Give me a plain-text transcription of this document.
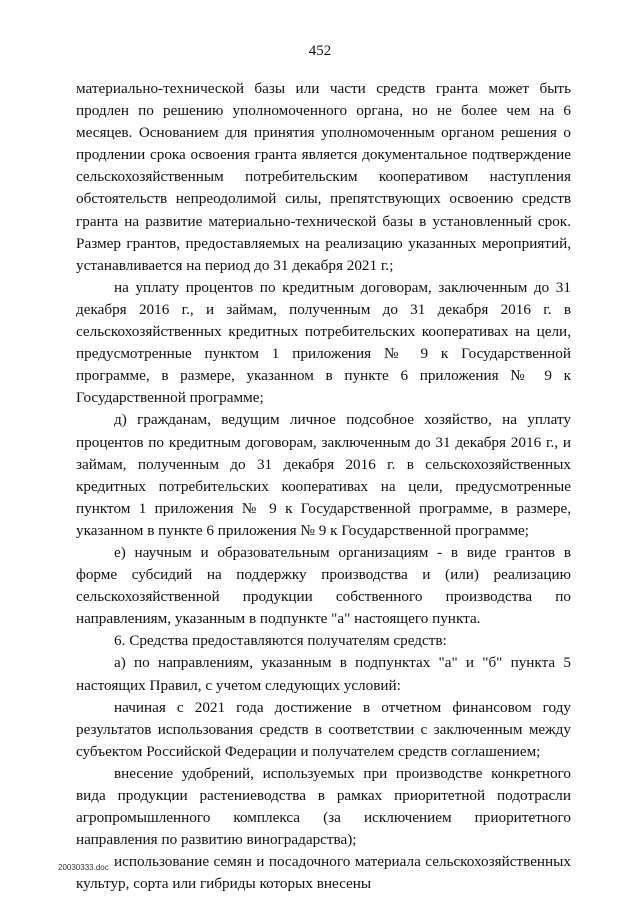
452

материально-технической базы или части средств гранта может быть продлен по решению уполномоченного органа, но не более чем на 6 месяцев. Основанием для принятия уполномоченным органом решения о продлении срока освоения гранта является документальное подтверждение сельскохозяйственным потребительским кооперативом наступления обстоятельств непреодолимой силы, препятствующих освоению средств гранта на развитие материально-технической базы в установленный срок. Размер грантов, предоставляемых на реализацию указанных мероприятий, устанавливается на период до 31 декабря 2021 г.;

на уплату процентов по кредитным договорам, заключенным до 31 декабря 2016 г., и займам, полученным до 31 декабря 2016 г. в сельскохозяйственных кредитных потребительских кооперативах на цели, предусмотренные пунктом 1 приложения № 9 к Государственной программе, в размере, указанном в пункте 6 приложения № 9 к Государственной программе;

д) гражданам, ведущим личное подсобное хозяйство, на уплату процентов по кредитным договорам, заключенным до 31 декабря 2016 г., и займам, полученным до 31 декабря 2016 г. в сельскохозяйственных кредитных потребительских кооперативах на цели, предусмотренные пунктом 1 приложения № 9 к Государственной программе, в размере, указанном в пункте 6 приложения № 9 к Государственной программе;

е) научным и образовательным организациям - в виде грантов в форме субсидий на поддержку производства и (или) реализацию сельскохозяйственной продукции собственного производства по направлениям, указанным в подпункте "а" настоящего пункта.

6. Средства предоставляются получателям средств:

а) по направлениям, указанным в подпунктах "а" и "б" пункта 5 настоящих Правил, с учетом следующих условий:

начиная с 2021 года достижение в отчетном финансовом году результатов использования средств в соответствии с заключенным между субъектом Российской Федерации и получателем средств соглашением;

внесение удобрений, используемых при производстве конкретного вида продукции растениеводства в рамках приоритетной подотрасли агропромышленного комплекса (за исключением приоритетного направления по развитию виноградарства);

использование семян и посадочного материала сельскохозяйственных культур, сорта или гибриды которых внесены

20030333.doc
